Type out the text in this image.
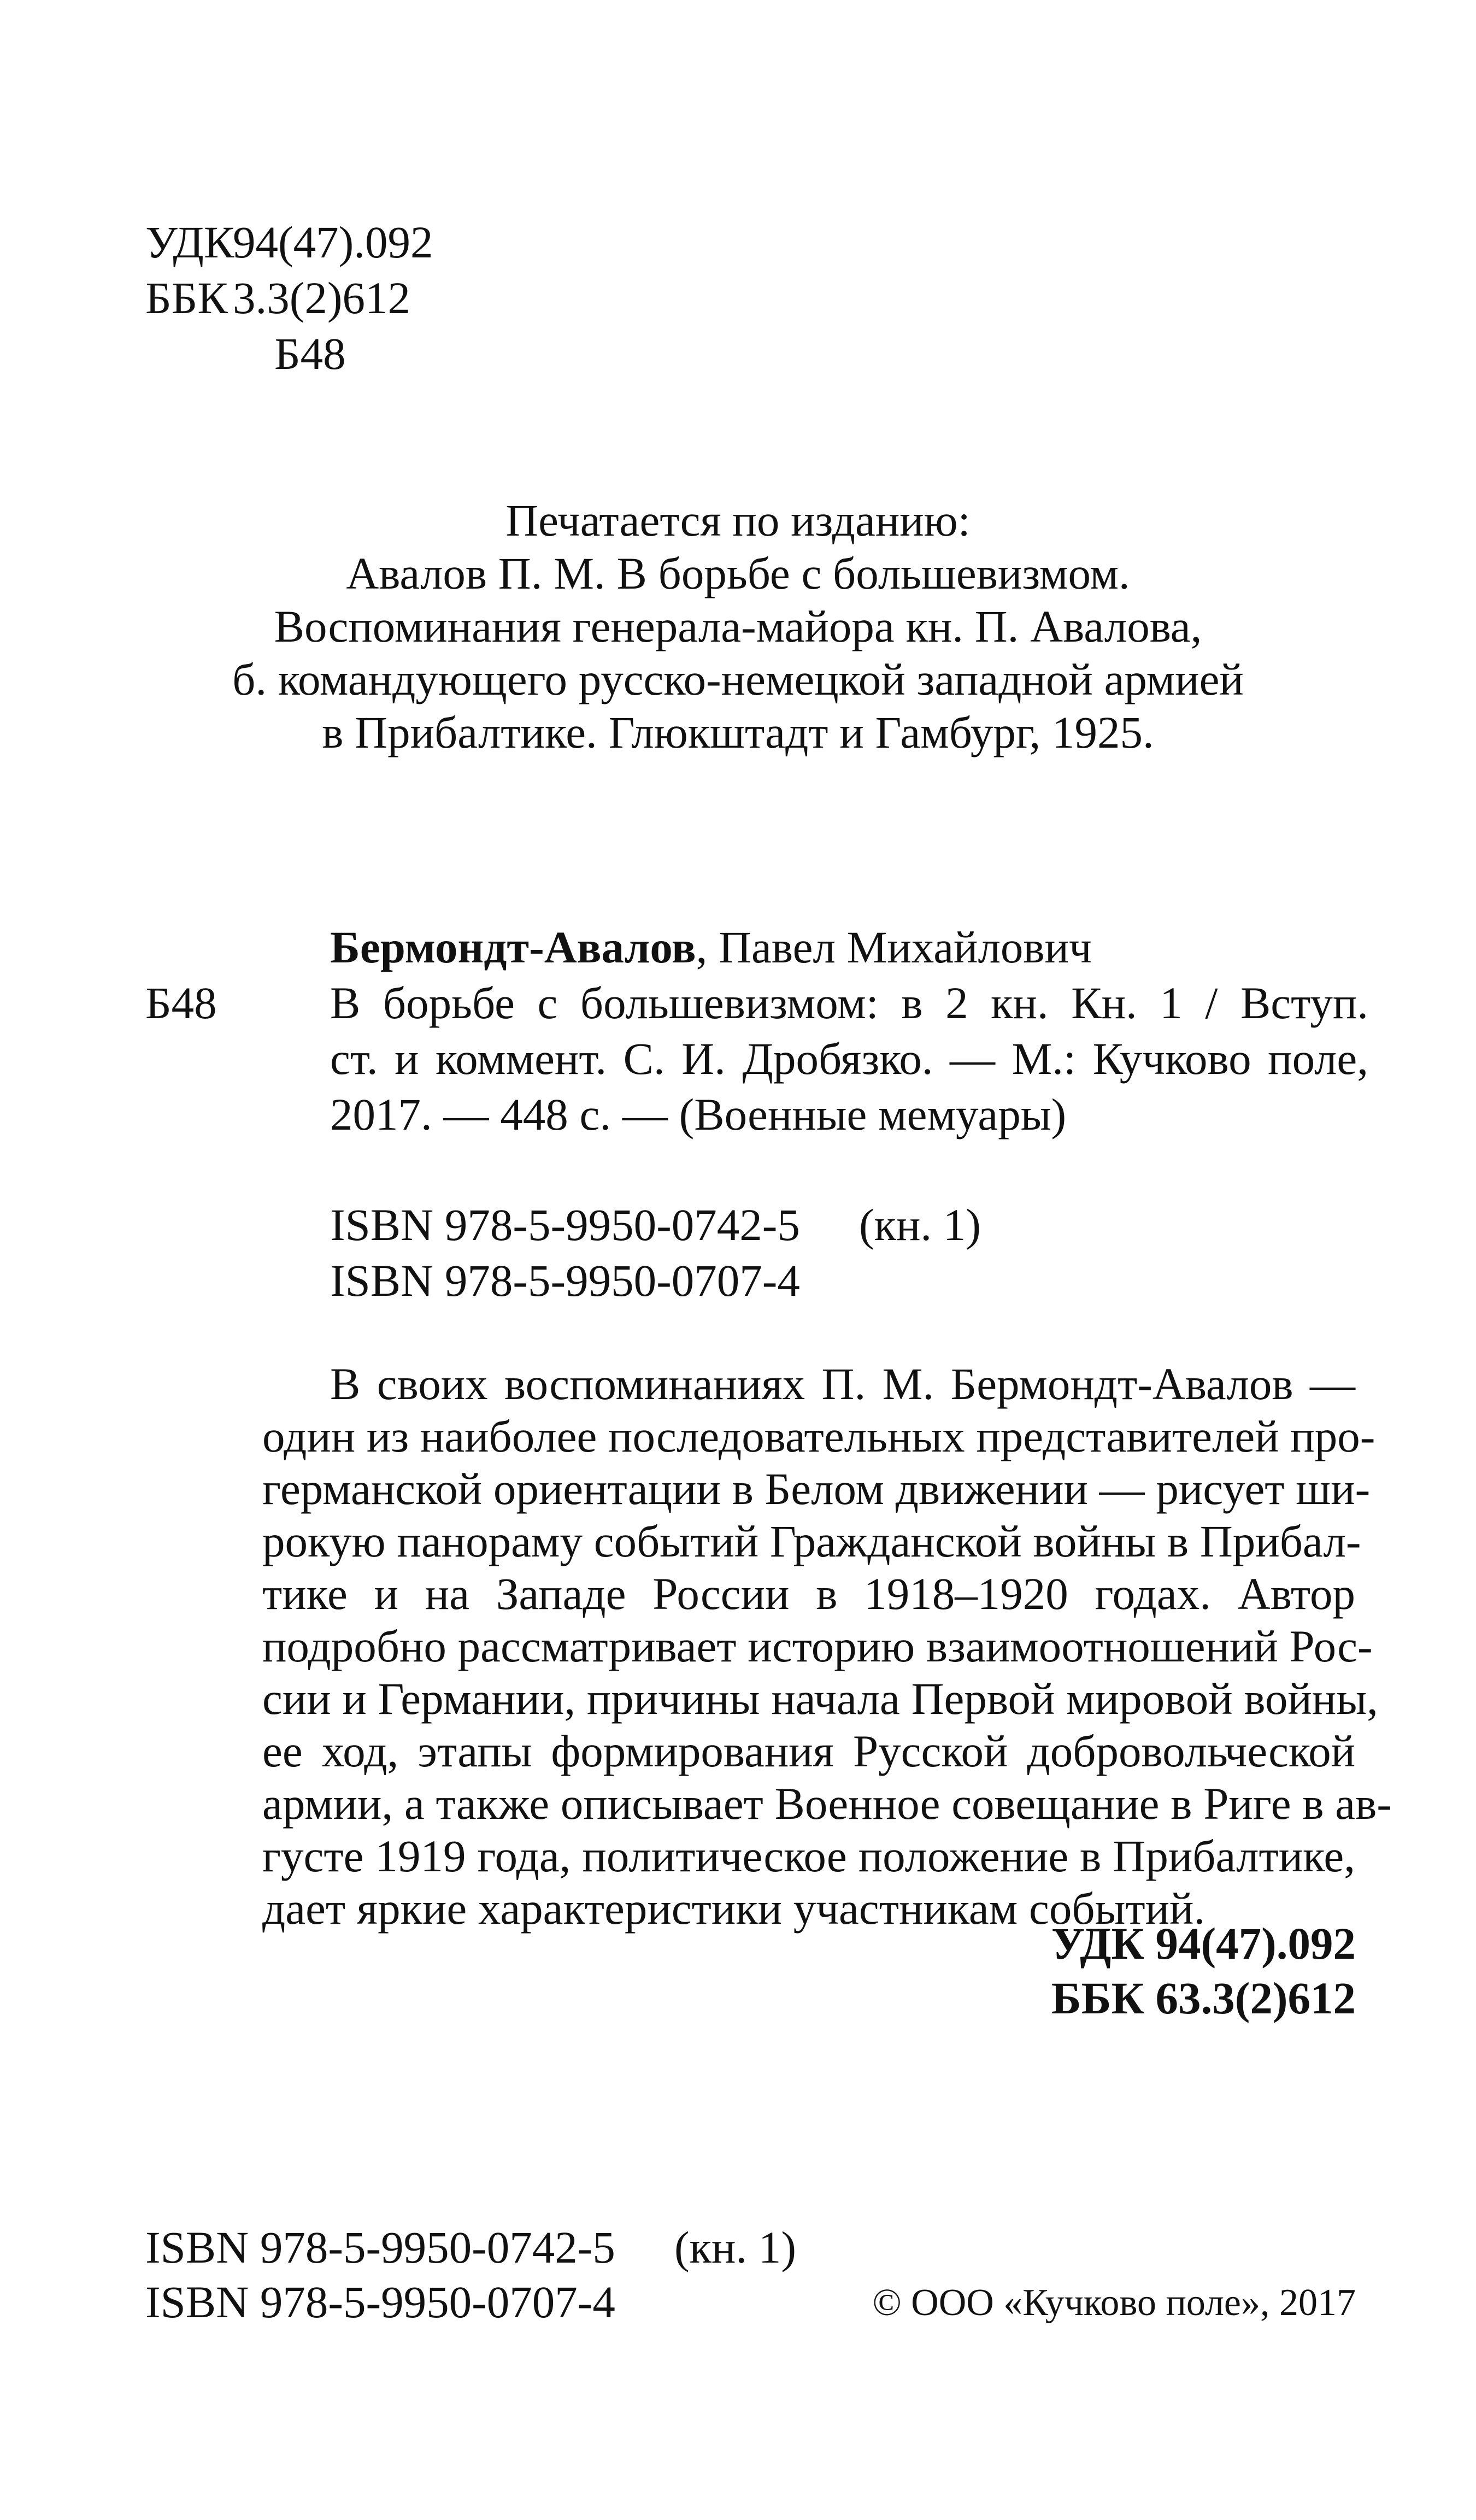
УДК94(47).092
ББК 3.3(2)612
Б48
Печатается по изданию:
Авалов П. М. В борьбе с большевизмом.
Воспоминания генерала-майора кн. П. Авалова,
б. командующего русско-немецкой западной армией
в Прибалтике. Глюкштадт и Гамбург, 1925.
Бермондт-Авалов, Павел Михайлович
Б48 В борьбе с большевизмом: в 2 кн. Кн. 1 / Вступ.
ст. и коммент. С. И. Дробязко. — М.: Кучково поле,
2017. — 448 с. — (Военные мемуары)
ISBN 978-5-9950-0742-5 (кн. 1)
ISBN 978-5-9950-0707-4
В своих воспоминаниях П. М. Бермондт-Авалов —
один из наиболее последовательных представителей про-
германской ориентации в Белом движении — рисует ши-
рокую панораму событий Гражданской войны в Прибал-
тике и на Западе России в 1918–1920 годах. Автор
подробно рассматривает историю взаимоотношений Рос-
сии и Германии, причины начала Первой мировой войны,
ее ход, этапы формирования Русской добровольческой
армии, а также описывает Военное совещание в Риге в ав-
густе 1919 года, политическое положение в Прибалтике,
дает яркие характеристики участникам событий.
УДК 94(47).092
ББК 63.3(2)612
ISBN 978-5-9950-0742-5 (кн. 1)
ISBN 978-5-9950-0707-4	© ООО «Кучково поле», 2017
